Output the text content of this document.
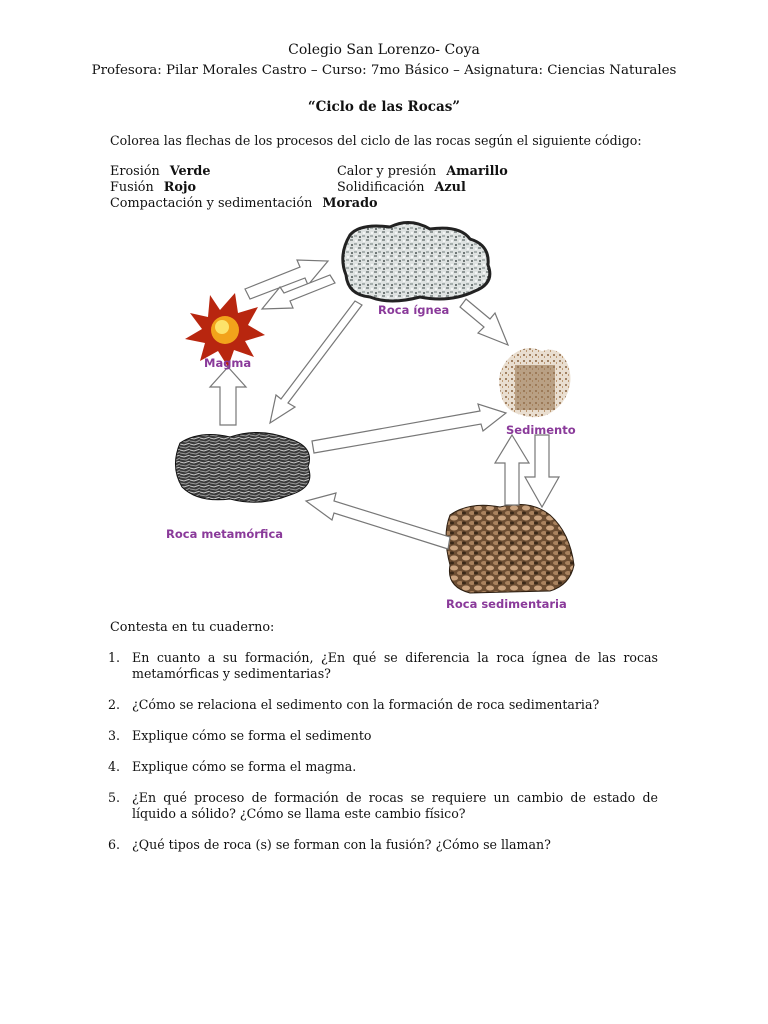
Colegio San Lorenzo- Coya
Profesora: Pilar Morales Castro – Curso: 7mo Básico – Asignatura: Ciencias Naturales
“Ciclo de las Rocas”
Colorea las flechas de los procesos del ciclo de las rocas según el siguiente código:
Erosión Verde	Calor y presión Amarillo
Fusión Rojo	Solidificación Azul
Compactación y sedimentación Morado
Roca ígnea
Magma
Sedimento
Roca metamórfica
Roca sedimentaria
Contesta en tu cuaderno:
1. En cuanto a su formación, ¿En qué se diferencia la roca ígnea de las rocas metamórficas y sedimentarias?
2. ¿Cómo se relaciona el sedimento con la formación de roca sedimentaria?
3. Explique cómo se forma el sedimento
4. Explique cómo se forma el magma.
5. ¿En qué proceso de formación de rocas se requiere un cambio de estado de líquido a sólido? ¿Cómo se llama este cambio físico?
6. ¿Qué tipos de roca (s) se forman con la fusión? ¿Cómo se llaman?
